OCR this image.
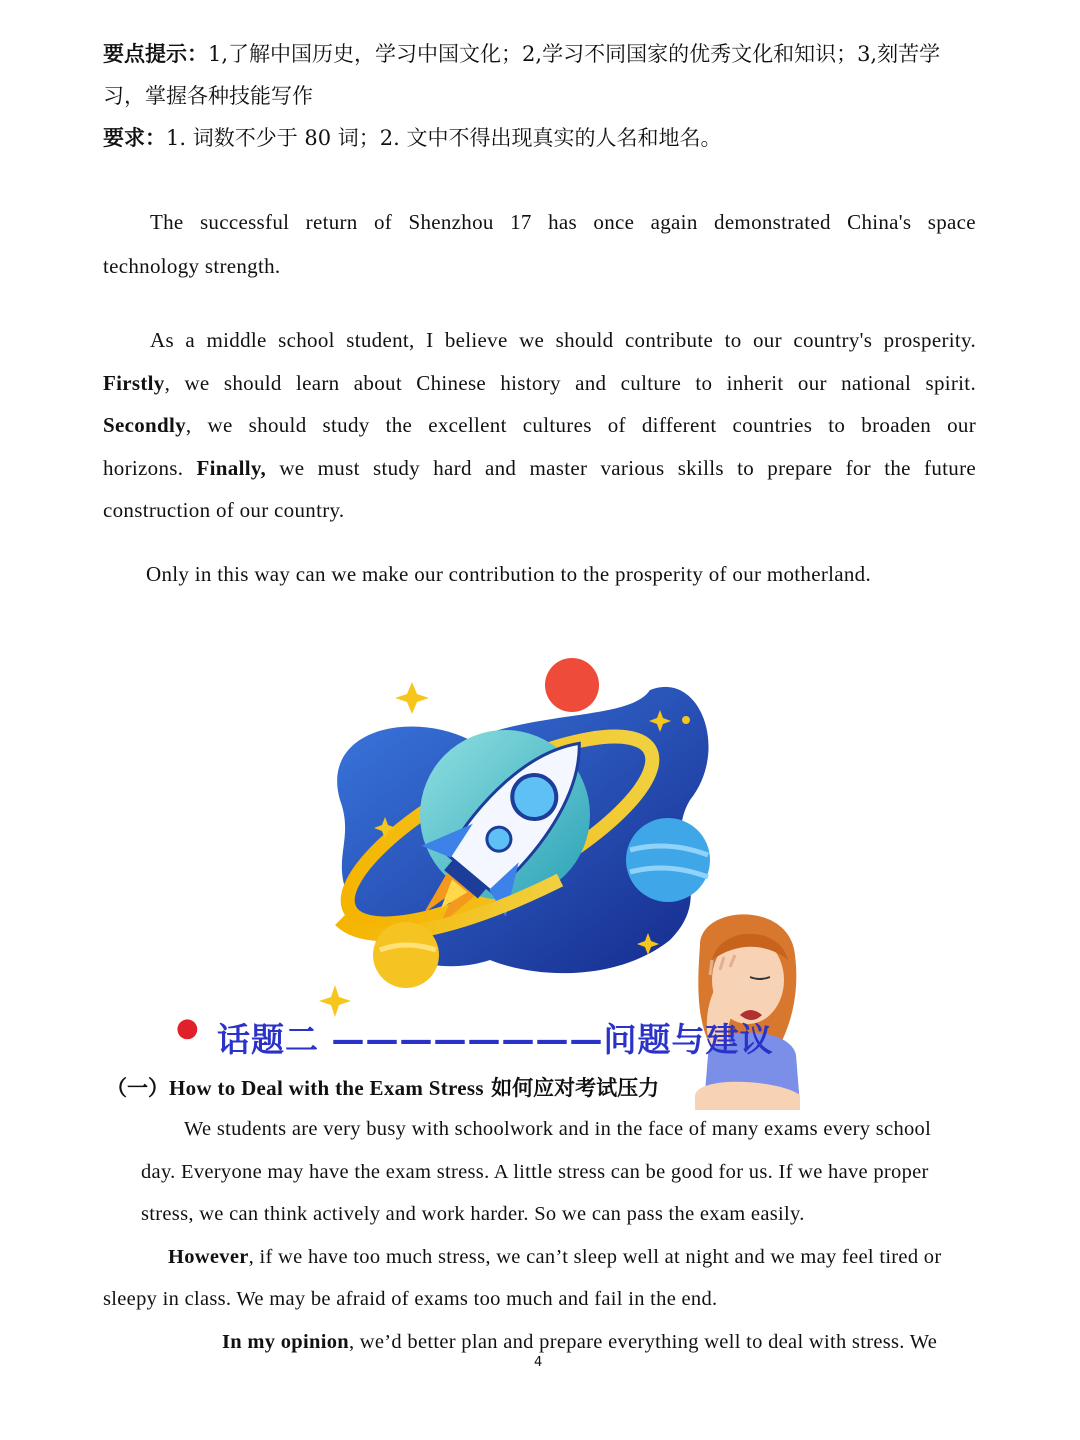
要点提示：1,了解中国历史，学习中国文化；2,学习不同国家的优秀文化和知识；3,刻苦学
习，掌握各种技能写作
要求：1. 词数不少于 80 词；2. 文中不得出现真实的人名和地名。
The successful return of Shenzhou 17 has once again demonstrated China's space
technology strength.
As a middle school student, I believe we should contribute to our country's prosperity.
Firstly, we should learn about Chinese history and culture to inherit our national spirit.
Secondly, we should study the excellent cultures of different countries to broaden our
horizons. Finally, we must study hard and master various skills to prepare for the future
construction of our country.
Only in this way can we make our contribution to the prosperity of our motherland.
● 话题二 ————————问题与建议
（一）How to Deal with the Exam Stress 如何应对考试压力
We students are very busy with schoolwork and in the face of many exams every school
day. Everyone may have the exam stress. A little stress can be good for us. If we have proper
stress, we can think actively and work harder. So we can pass the exam easily.
However, if we have too much stress, we can’t sleep well at night and we may feel tired or
sleepy in class. We may be afraid of exams too much and fail in the end.
In my opinion, we’d better plan and prepare everything well to deal with stress. We
4
